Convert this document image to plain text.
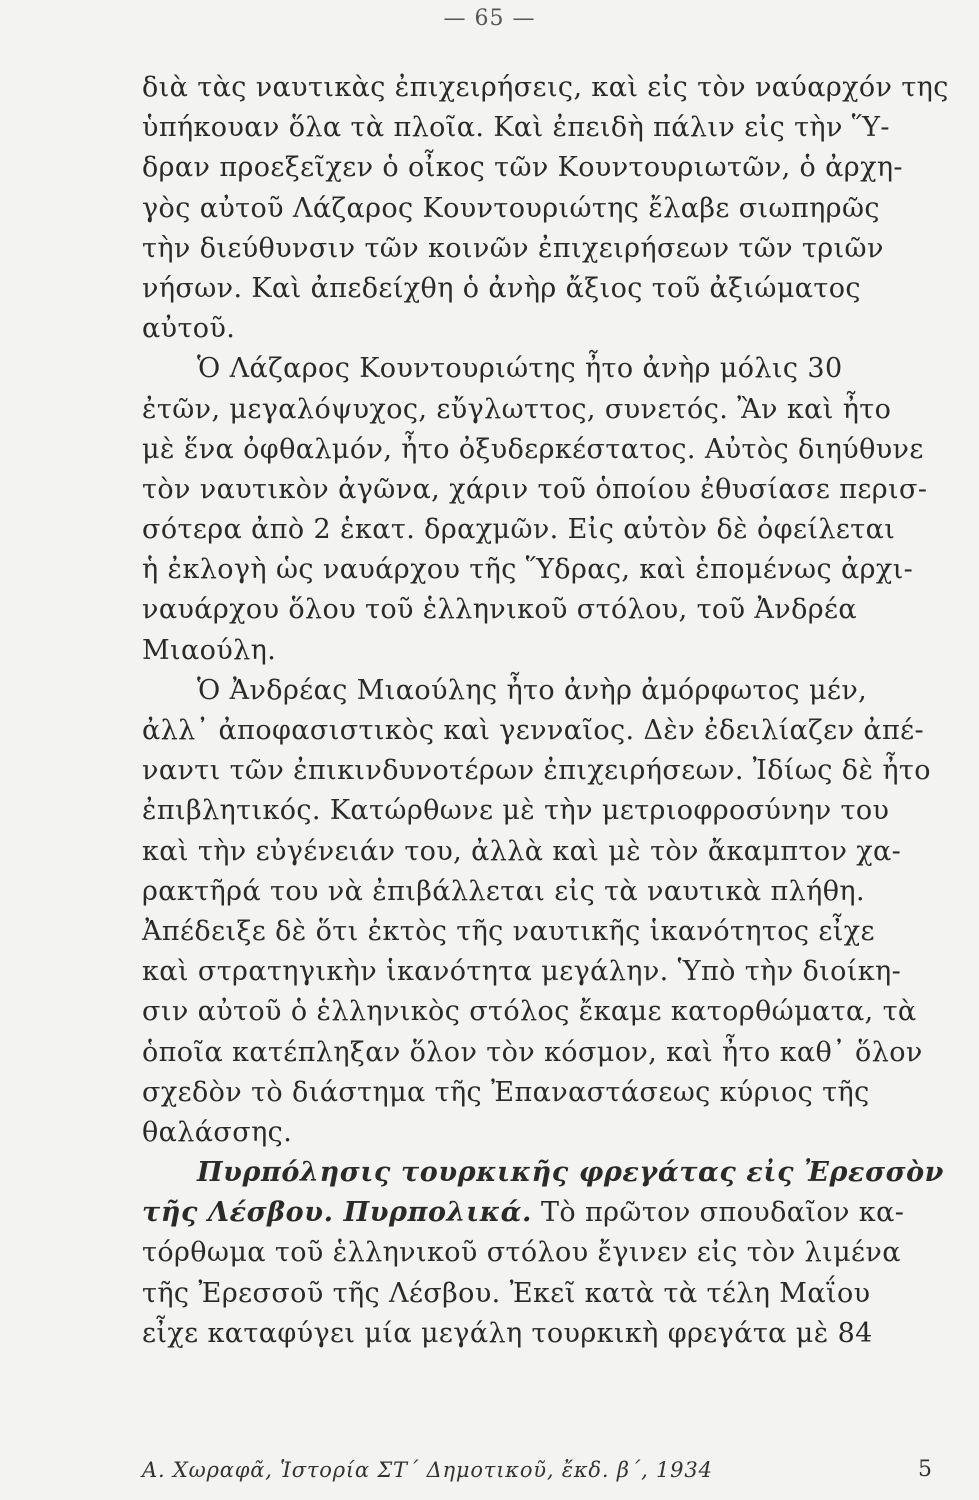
— 65 —
διὰ τὰς ναυτικὰς ἐπιχειρήσεις, καὶ εἰς τὸν ναύαρχόν της
ὑπήκουαν ὅλα τὰ πλοῖα. Καὶ ἐπειδὴ πάλιν εἰς τὴν Ὕ-
δραν προεξεῖχεν ὁ οἶκος τῶν Κουντουριωτῶν, ὁ ἀρχη-
γὸς αὐτοῦ Λάζαρος Κουντουριώτης ἔλαβε σιωπηρῶς
τὴν διεύθυνσιν τῶν κοινῶν ἐπιχειρήσεων τῶν τριῶν
νήσων. Καὶ ἀπεδείχθη ὁ ἀνὴρ ἄξιος τοῦ ἀξιώματος
αὐτοῦ.
Ὁ Λάζαρος Κουντουριώτης ἦτο ἀνὴρ μόλις 30
ἐτῶν, μεγαλόψυχος, εὔγλωττος, συνετός. Ἂν καὶ ἦτο
μὲ ἕνα ὀφθαλμόν, ἦτο ὀξυδερκέστατος. Αὐτὸς διηύθυνε
τὸν ναυτικὸν ἀγῶνα, χάριν τοῦ ὁποίου ἐθυσίασε περισ-
σότερα ἀπὸ 2 ἑκατ. δραχμῶν. Εἰς αὐτὸν δὲ ὀφείλεται
ἡ ἐκλογὴ ὡς ναυάρχου τῆς Ὕδρας, καὶ ἑπομένως ἀρχι-
ναυάρχου ὅλου τοῦ ἑλληνικοῦ στόλου, τοῦ Ἀνδρέα
Μιαούλη.
Ὁ Ἀνδρέας Μιαούλης ἦτο ἀνὴρ ἀμόρφωτος μέν,
ἀλλ᾿ ἀποφασιστικὸς καὶ γενναῖος. Δὲν ἐδειλίαζεν ἀπέ-
ναντι τῶν ἐπικινδυνοτέρων ἐπιχειρήσεων. Ἰδίως δὲ ἦτο
ἐπιβλητικός. Κατώρθωνε μὲ τὴν μετριοφροσύνην του
καὶ τὴν εὐγένειάν του, ἀλλὰ καὶ μὲ τὸν ἄκαμπτον χα-
ρακτῆρά του νὰ ἐπιβάλλεται εἰς τὰ ναυτικὰ πλήθη.
Ἀπέδειξε δὲ ὅτι ἐκτὸς τῆς ναυτικῆς ἱκανότητος εἶχε
καὶ στρατηγικὴν ἱκανότητα μεγάλην. Ὑπὸ τὴν διοίκη-
σιν αὐτοῦ ὁ ἑλληνικὸς στόλος ἔκαμε κατορθώματα, τὰ
ὁποῖα κατέπληξαν ὅλον τὸν κόσμον, καὶ ἦτο καθ᾿ ὅλον
σχεδὸν τὸ διάστημα τῆς Ἐπαναστάσεως κύριος τῆς
θαλάσσης.
Πυρπόλησις τουρκικῆς φρεγάτας εἰς Ἐρεσσὸν
τῆς Λέσβου. Πυρπολικά. Τὸ πρῶτον σπουδαῖον κα-
τόρθωμα τοῦ ἑλληνικοῦ στόλου ἔγινεν εἰς τὸν λιμένα
τῆς Ἐρεσσοῦ τῆς Λέσβου. Ἐκεῖ κατὰ τὰ τέλη Μαΐου
εἶχε καταφύγει μία μεγάλη τουρκικὴ φρεγάτα μὲ 84
Α. Χωραφᾶ, Ἱστορία ΣΤ΄ Δημοτικοῦ, ἔκδ. β΄, 1934	5
